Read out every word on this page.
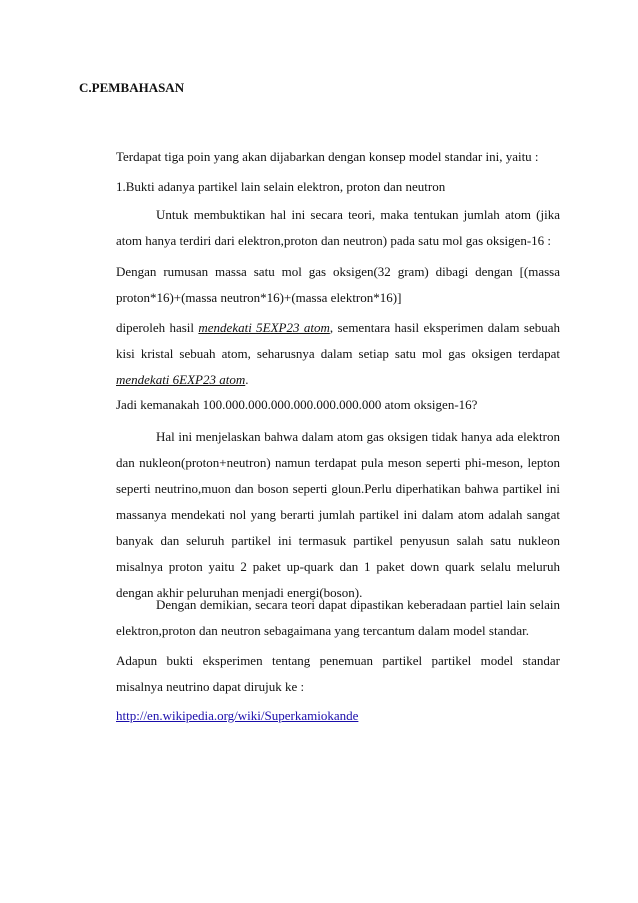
C.PEMBAHASAN

Terdapat tiga poin yang akan dijabarkan dengan konsep model standar ini, yaitu :

1.Bukti adanya partikel lain selain elektron, proton dan neutron

Untuk membuktikan hal ini secara teori, maka tentukan jumlah atom (jika atom hanya terdiri dari elektron,proton dan neutron) pada satu mol gas oksigen-16 :

Dengan rumusan massa satu mol gas oksigen(32 gram) dibagi dengan [(massa proton*16)+(massa neutron*16)+(massa elektron*16)]

diperoleh hasil mendekati 5EXP23 atom, sementara hasil eksperimen dalam sebuah kisi kristal sebuah atom, seharusnya dalam setiap satu mol gas oksigen terdapat mendekati 6EXP23 atom.

Jadi kemanakah 100.000.000.000.000.000.000.000 atom oksigen-16?

Hal ini menjelaskan bahwa dalam atom gas oksigen tidak hanya ada elektron dan nukleon(proton+neutron) namun terdapat pula meson seperti phi-meson, lepton seperti neutrino,muon dan boson seperti gloun.Perlu diperhatikan bahwa partikel ini massanya mendekati nol yang berarti jumlah partikel ini dalam atom adalah sangat banyak dan seluruh partikel ini termasuk partikel penyusun salah satu nukleon misalnya proton yaitu 2 paket up-quark dan 1 paket down quark selalu meluruh dengan akhir peluruhan menjadi energi(boson).

Dengan demikian, secara teori dapat dipastikan keberadaan partiel lain selain elektron,proton dan neutron sebagaimana yang tercantum dalam model standar.

Adapun bukti eksperimen tentang penemuan partikel partikel model standar misalnya neutrino dapat dirujuk ke :

http://en.wikipedia.org/wiki/Superkamiokande
